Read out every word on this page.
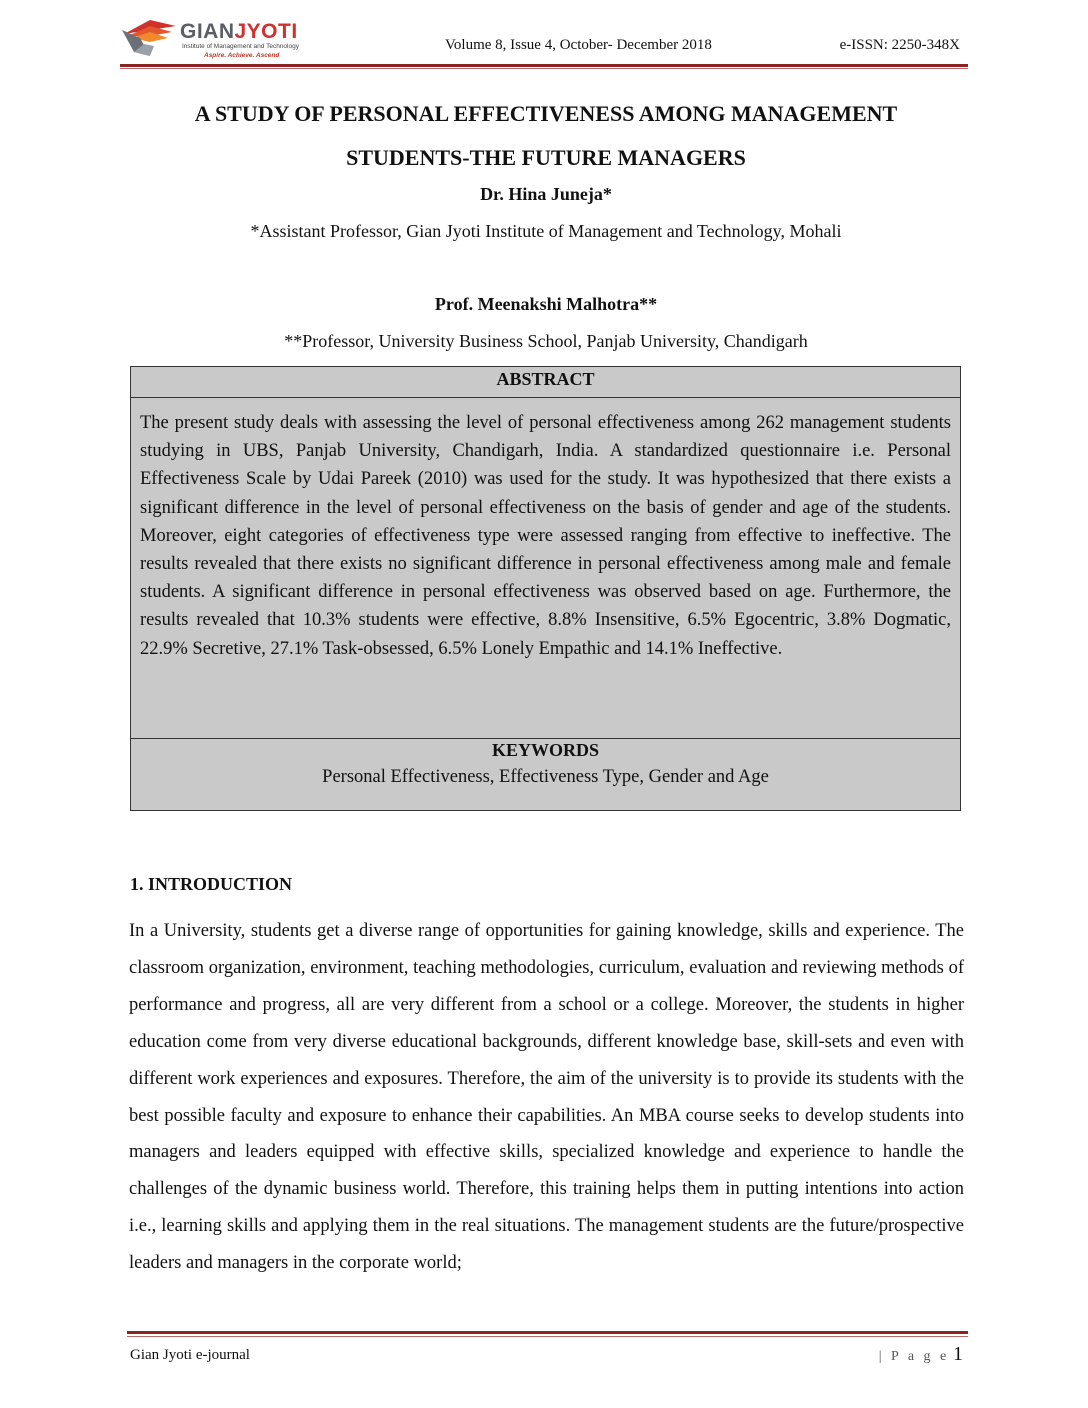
GIANJYOTI
Institute of Management and Technology
Aspire. Achieve. Ascend
Volume 8, Issue 4, October- December 2018	e-ISSN: 2250-348X
A STUDY OF PERSONAL EFFECTIVENESS AMONG MANAGEMENT
STUDENTS-THE FUTURE MANAGERS
Dr. Hina Juneja*
*Assistant Professor, Gian Jyoti Institute of Management and Technology, Mohali
Prof. Meenakshi Malhotra**
**Professor, University Business School, Panjab University, Chandigarh
ABSTRACT
The present study deals with assessing the level of personal effectiveness among 262 management students studying in UBS, Panjab University, Chandigarh, India. A standardized questionnaire i.e. Personal Effectiveness Scale by Udai Pareek (2010) was used for the study. It was hypothesized that there exists a significant difference in the level of personal effectiveness on the basis of gender and age of the students. Moreover, eight categories of effectiveness type were assessed ranging from effective to ineffective. The results revealed that there exists no significant difference in personal effectiveness among male and female students. A significant difference in personal effectiveness was observed based on age. Furthermore, the results revealed that 10.3% students were effective, 8.8% Insensitive, 6.5% Egocentric, 3.8% Dogmatic, 22.9% Secretive, 27.1% Task-obsessed, 6.5% Lonely Empathic and 14.1% Ineffective.
KEYWORDS
Personal Effectiveness, Effectiveness Type, Gender and Age
1. INTRODUCTION
In a University, students get a diverse range of opportunities for gaining knowledge, skills and experience. The classroom organization, environment, teaching methodologies, curriculum, evaluation and reviewing methods of performance and progress, all are very different from a school or a college. Moreover, the students in higher education come from very diverse educational backgrounds, different knowledge base, skill-sets and even with different work experiences and exposures. Therefore, the aim of the university is to provide its students with the best possible faculty and exposure to enhance their capabilities. An MBA course seeks to develop students into managers and leaders equipped with effective skills, specialized knowledge and experience to handle the challenges of the dynamic business world. Therefore, this training helps them in putting intentions into action i.e., learning skills and applying them in the real situations. The management students are the future/prospective leaders and managers in the corporate world;
Gian Jyoti e-journal	| P a g e 1
